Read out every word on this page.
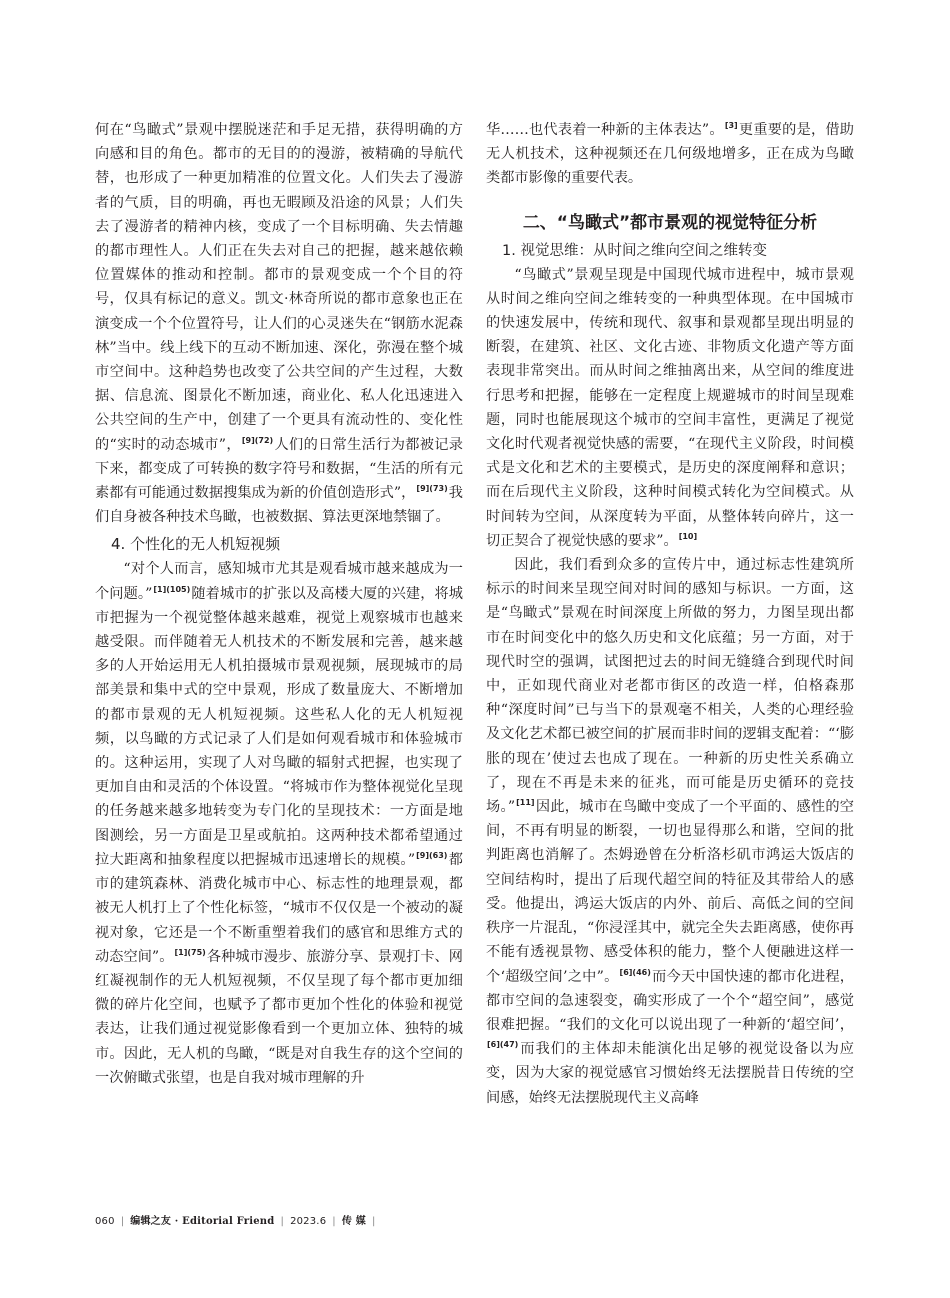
何在“鸟瞰式”景观中摆脱迷茫和手足无措，获得明确的方向感和目的角色。都市的无目的的漫游，被精确的导航代替，也形成了一种更加精准的位置文化。人们失去了漫游者的气质，目的明确，再也无暇顾及沿途的风景；人们失去了漫游者的精神内核，变成了一个目标明确、失去情趣的都市理性人。人们正在失去对自己的把握，越来越依赖位置媒体的推动和控制。都市的景观变成一个个目的符号，仅具有标记的意义。凯文·林奇所说的都市意象也正在演变成一个个位置符号，让人们的心灵迷失在“钢筋水泥森林”当中。线上线下的互动不断加速、深化，弥漫在整个城市空间中。这种趋势也改变了公共空间的产生过程，大数据、信息流、图景化不断加速，商业化、私人化迅速进入公共空间的生产中，创建了一个更具有流动性的、变化性的“实时的动态城市”，$^{[9](72)}$人们的日常生活行为都被记录下来，都变成了可转换的数字符号和数据，“生活的所有元素都有可能通过数据搜集成为新的价值创造形式”，$^{[9](73)}$我们自身被各种技术鸟瞰，也被数据、算法更深地禁锢了。

4. 个性化的无人机短视频

“对个人而言，感知城市尤其是观看城市越来越成为一个问题。”$^{[1](105)}$随着城市的扩张以及高楼大厦的兴建，将城市把握为一个视觉整体越来越难，视觉上观察城市也越来越受限。而伴随着无人机技术的不断发展和完善，越来越多的人开始运用无人机拍摄城市景观视频，展现城市的局部美景和集中式的空中景观，形成了数量庞大、不断增加的都市景观的无人机短视频。这些私人化的无人机短视频，以鸟瞰的方式记录了人们是如何观看城市和体验城市的。这种运用，实现了人对鸟瞰的辐射式把握，也实现了更加自由和灵活的个体设置。“将城市作为整体视觉化呈现的任务越来越多地转变为专门化的呈现技术：一方面是地图测绘，另一方面是卫星或航拍。这两种技术都希望通过拉大距离和抽象程度以把握城市迅速增长的规模。”$^{[9](63)}$都市的建筑森林、消费化城市中心、标志性的地理景观，都被无人机打上了个性化标签，“城市不仅仅是一个被动的凝视对象，它还是一个不断重塑着我们的感官和思维方式的动态空间”。$^{[1](75)}$各种城市漫步、旅游分享、景观打卡、网红凝视制作的无人机短视频，不仅呈现了每个都市更加细微的碎片化空间，也赋予了都市更加个性化的体验和视觉表达，让我们通过视觉影像看到一个更加立体、独特的城市。因此，无人机的鸟瞰，“既是对自我生存的这个空间的一次俯瞰式张望，也是自我对城市理解的升

华……也代表着一种新的主体表达”。[3]更重要的是，借助无人机技术，这种视频还在几何级地增多，正在成为鸟瞰类都市影像的重要代表。

二、“鸟瞰式”都市景观的视觉特征分析
1. 视觉思维：从时间之维向空间之维转变

“鸟瞰式”景观呈现是中国现代城市进程中，城市景观从时间之维向空间之维转变的一种典型体现。在中国城市的快速发展中，传统和现代、叙事和景观都呈现出明显的断裂，在建筑、社区、文化古迹、非物质文化遗产等方面表现非常突出。而从时间之维抽离出来，从空间的维度进行思考和把握，能够在一定程度上规避城市的时间呈现难题，同时也能展现这个城市的空间丰富性，更满足了视觉文化时代观者视觉快感的需要，“在现代主义阶段，时间模式是文化和艺术的主要模式，是历史的深度阐释和意识；而在后现代主义阶段，这种时间模式转化为空间模式。从时间转为空间，从深度转为平面，从整体转向碎片，这一切正契合了视觉快感的要求”。[10]

因此，我们看到众多的宣传片中，通过标志性建筑所标示的时间来呈现空间对时间的感知与标识。一方面，这是“鸟瞰式”景观在时间深度上所做的努力，力图呈现出都市在时间变化中的悠久历史和文化底蕴；另一方面，对于现代时空的强调，试图把过去的时间无缝缝合到现代时间中，正如现代商业对老都市街区的改造一样，伯格森那种“深度时间”已与当下的景观毫不相关，人类的心理经验及文化艺术都已被空间的扩展而非时间的逻辑支配着：“‘膨胀的现在’使过去也成了现在。一种新的历史性关系确立了，现在不再是未来的征兆，而可能是历史循环的竞技场。”[11]因此，城市在鸟瞰中变成了一个平面的、感性的空间，不再有明显的断裂，一切也显得那么和谐，空间的批判距离也消解了。杰姆逊曾在分析洛杉矶市鸿运大饭店的空间结构时，提出了后现代超空间的特征及其带给人的感受。他提出，鸿运大饭店的内外、前后、高低之间的空间秩序一片混乱，“你浸淫其中，就完全失去距离感，使你再不能有透视景物、感受体积的能力，整个人便融进这样一个‘超级空间’之中”。$^{[6](46)}$而今天中国快速的都市化进程，都市空间的急速裂变，确实形成了一个个“超空间”，感觉很难把握。“我们的文化可以说出现了一种新的‘超空间’，$^{[6](47)}$而我们的主体却未能演化出足够的视觉设备以为应变，因为大家的视觉感官习惯始终无法摆脱昔日传统的空间感，始终无法摆脱现代主义高峰

060 | 编辑之友 · Editorial Friend | 2023.6 | 传 媒 |
